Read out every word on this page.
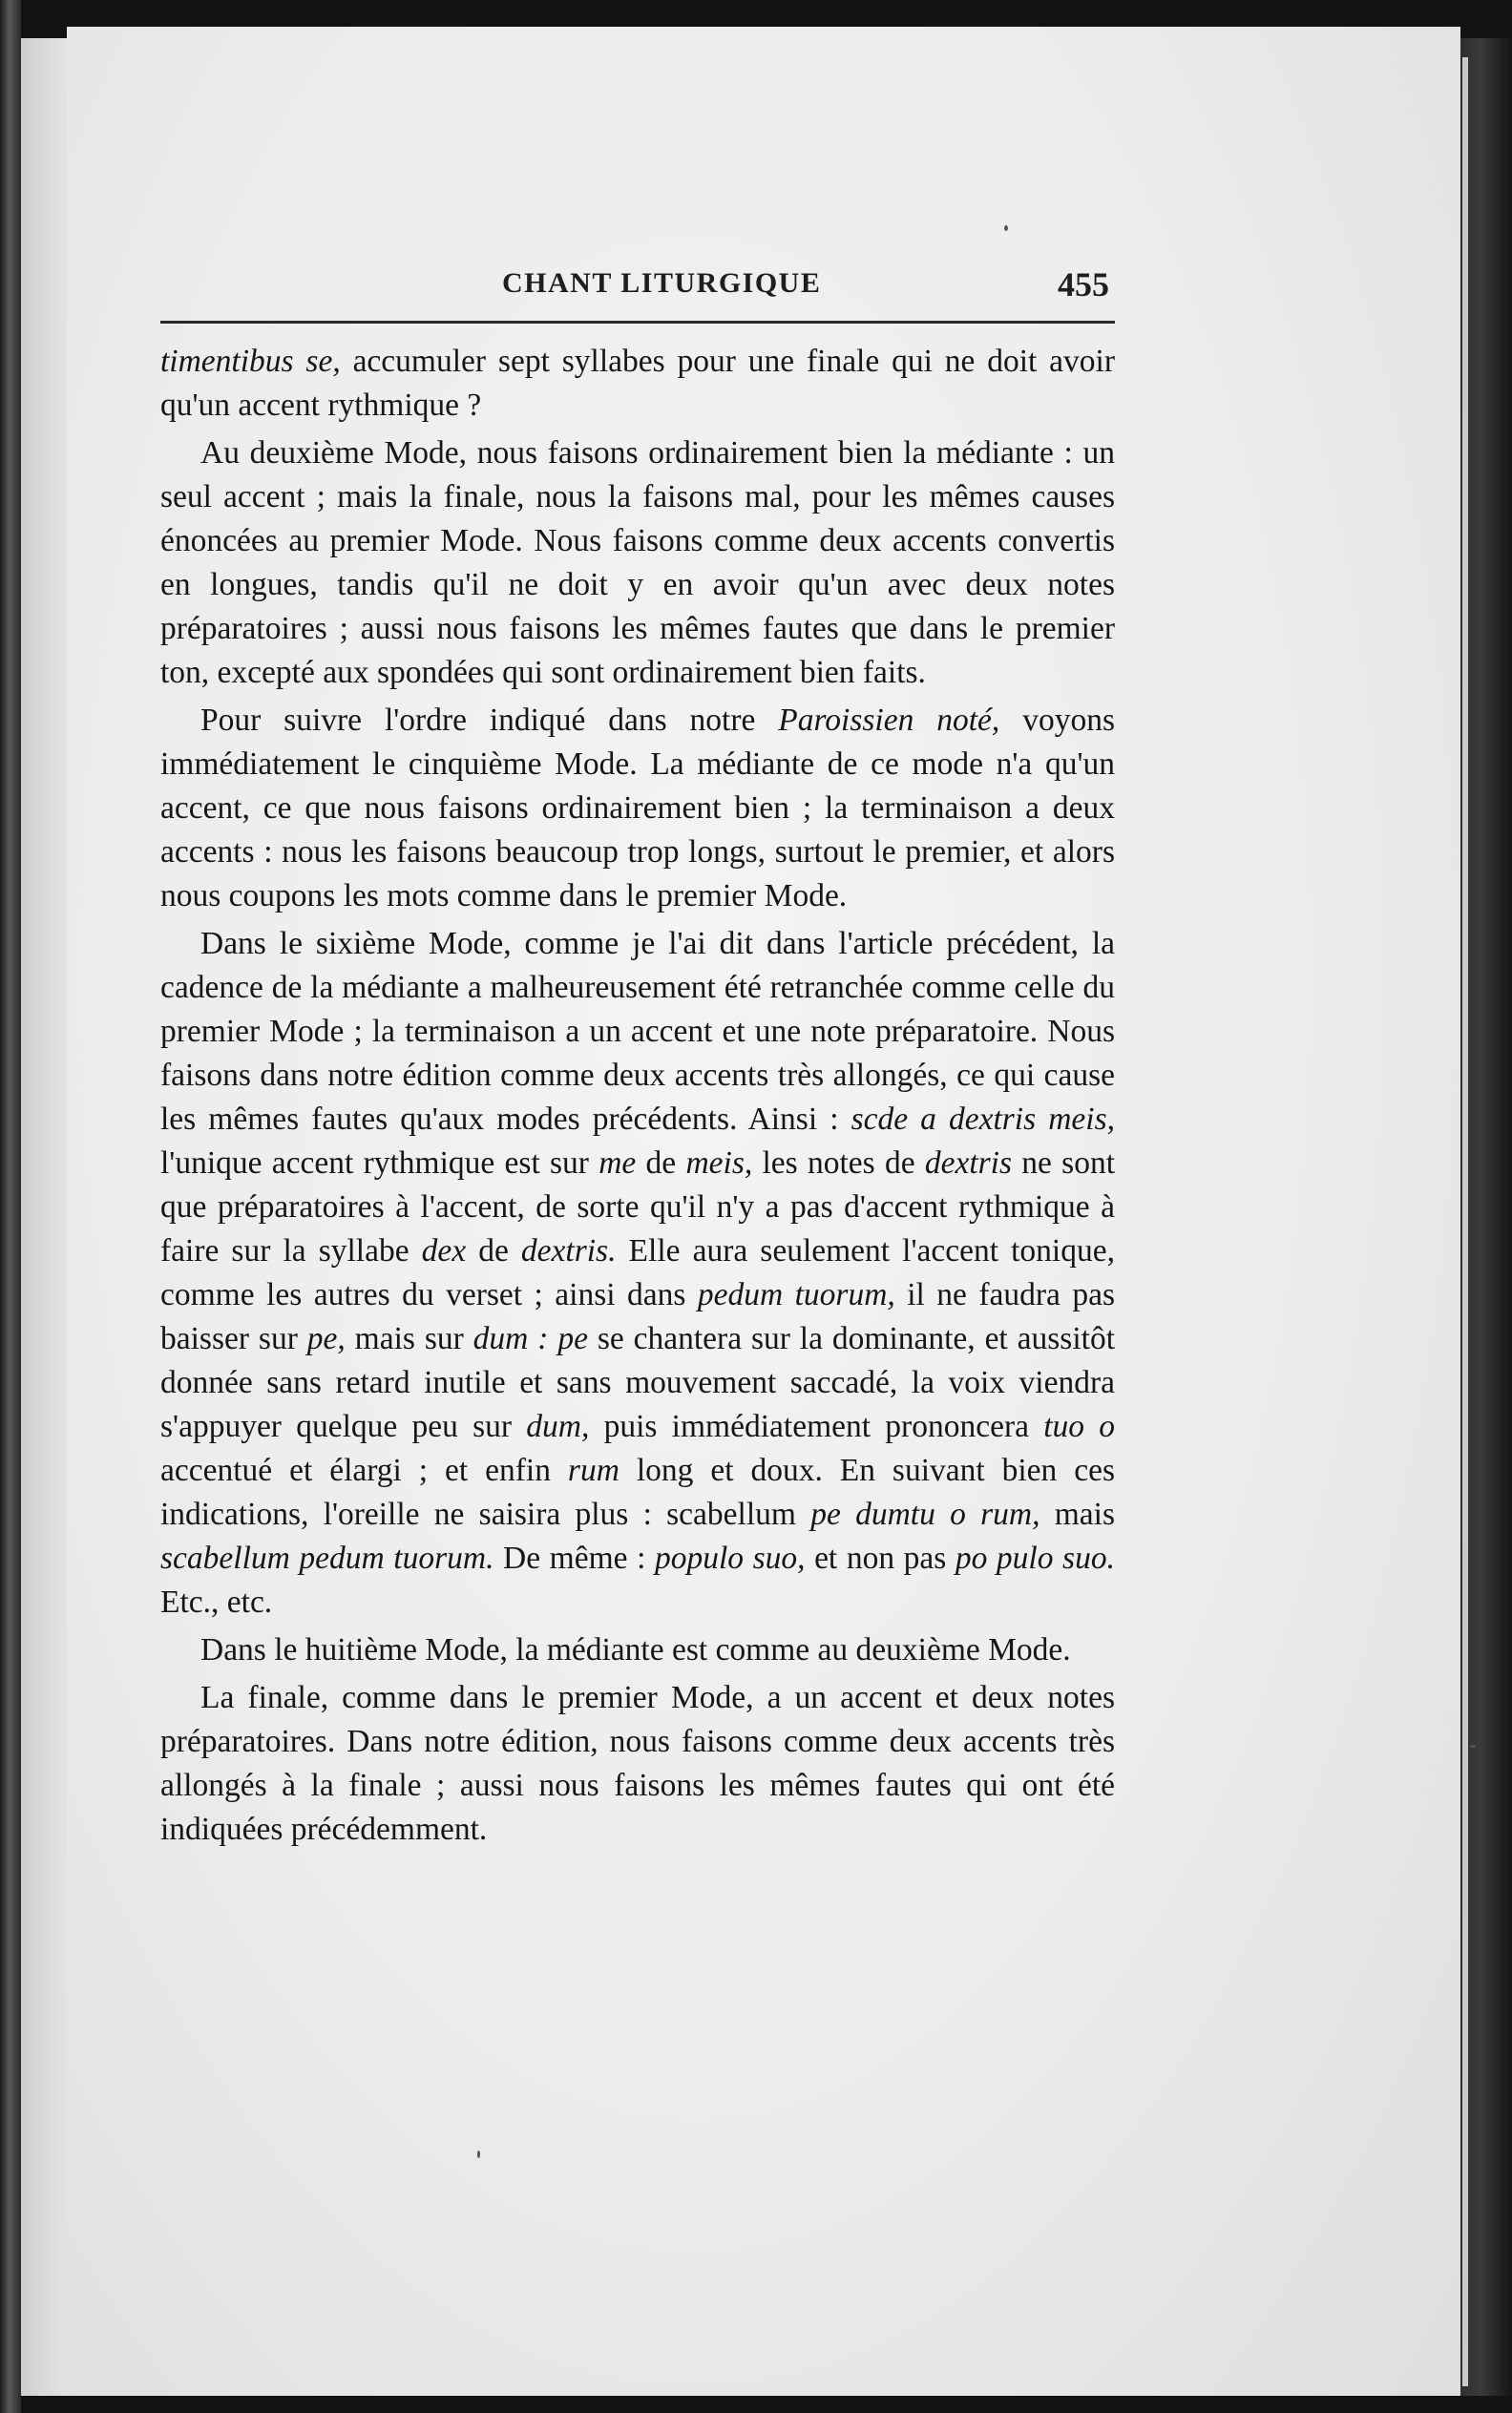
CHANT LITURGIQUE	455

timentibus se, accumuler sept syllabes pour une finale qui ne doit avoir qu'un accent rythmique ?

Au deuxième Mode, nous faisons ordinairement bien la médiante : un seul accent ; mais la finale, nous la faisons mal, pour les mêmes causes énoncées au premier Mode. Nous faisons comme deux accents convertis en longues, tandis qu'il ne doit y en avoir qu'un avec deux notes préparatoires ; aussi nous faisons les mêmes fautes que dans le premier ton, excepté aux spondées qui sont ordinairement bien faits.

Pour suivre l'ordre indiqué dans notre Paroissien noté, voyons immédiatement le cinquième Mode. La médiante de ce mode n'a qu'un accent, ce que nous faisons ordinairement bien ; la terminaison a deux accents : nous les faisons beaucoup trop longs, surtout le premier, et alors nous coupons les mots comme dans le premier Mode.

Dans le sixième Mode, comme je l'ai dit dans l'article précédent, la cadence de la médiante a malheureusement été retranchée comme celle du premier Mode ; la terminaison a un accent et une note préparatoire. Nous faisons dans notre édition comme deux accents très allongés, ce qui cause les mêmes fautes qu'aux modes précédents. Ainsi : scde a dextris meis, l'unique accent rythmique est sur me de meis, les notes de dextris ne sont que préparatoires à l'accent, de sorte qu'il n'y a pas d'accent rythmique à faire sur la syllabe dex de dextris. Elle aura seulement l'accent tonique, comme les autres du verset ; ainsi dans pedum tuorum, il ne faudra pas baisser sur pe, mais sur dum : pe se chantera sur la dominante, et aussitôt donnée sans retard inutile et sans mouvement saccadé, la voix viendra s'appuyer quelque peu sur dum, puis immédiatement prononcera tuo o accentué et élargi ; et enfin rum long et doux. En suivant bien ces indications, l'oreille ne saisira plus : scabellum pe dumtu o rum, mais scabellum pedum tuorum. De même : populo suo, et non pas po pulo suo. Etc., etc.

Dans le huitième Mode, la médiante est comme au deuxième Mode.

La finale, comme dans le premier Mode, a un accent et deux notes préparatoires. Dans notre édition, nous faisons comme deux accents très allongés à la finale ; aussi nous faisons les mêmes fautes qui ont été indiquées précédemment.
